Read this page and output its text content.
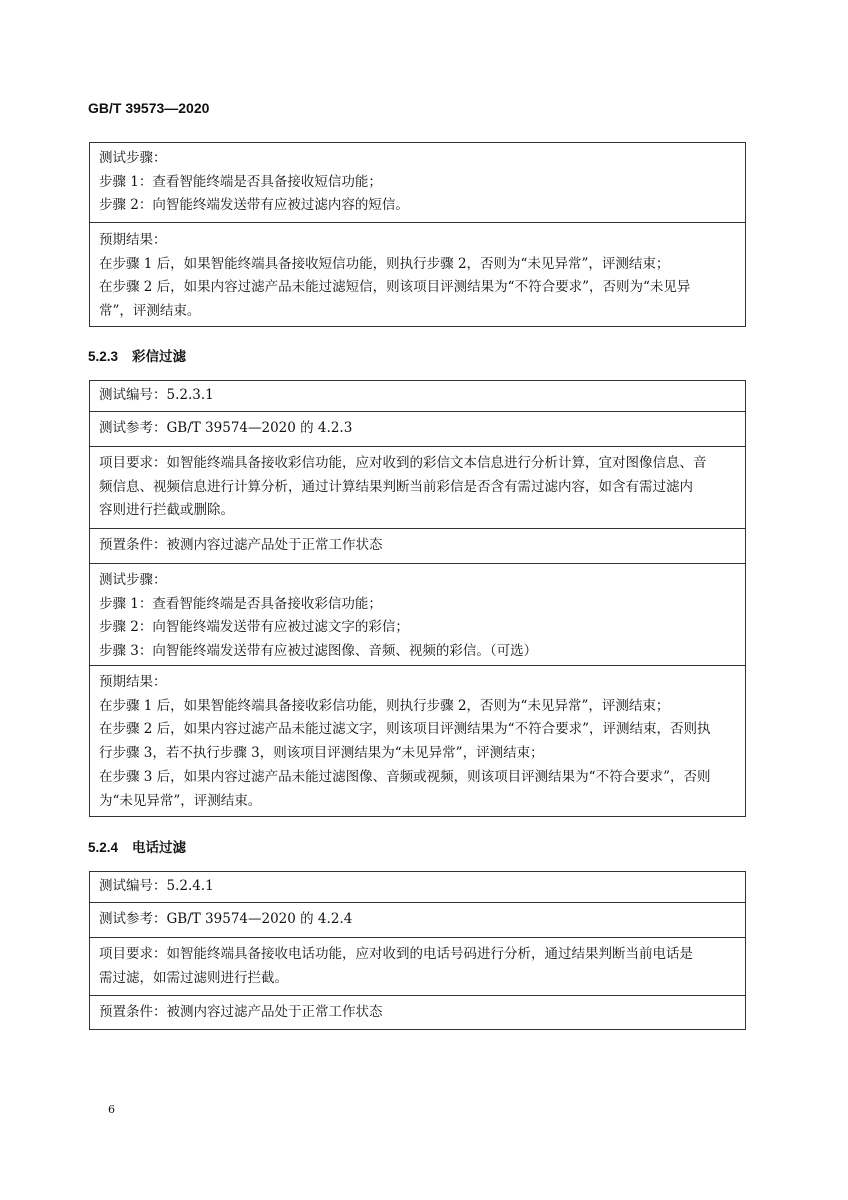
GB/T 39573—2020
测试步骤：
步骤 1：查看智能终端是否具备接收短信功能；
步骤 2：向智能终端发送带有应被过滤内容的短信。
预期结果：
在步骤 1 后，如果智能终端具备接收短信功能，则执行步骤 2，否则为“未见异常”，评测结束；
在步骤 2 后，如果内容过滤产品未能过滤短信，则该项目评测结果为“不符合要求”，否则为“未见异
常”，评测结束。
5.2.3 彩信过滤
测试编号：5.2.3.1
测试参考：GB/T 39574—2020 的 4.2.3
项目要求：如智能终端具备接收彩信功能，应对收到的彩信文本信息进行分析计算，宜对图像信息、音
频信息、视频信息进行计算分析，通过计算结果判断当前彩信是否含有需过滤内容，如含有需过滤内
容则进行拦截或删除。
预置条件：被测内容过滤产品处于正常工作状态
测试步骤：
步骤 1：查看智能终端是否具备接收彩信功能；
步骤 2：向智能终端发送带有应被过滤文字的彩信；
步骤 3：向智能终端发送带有应被过滤图像、音频、视频的彩信。（可选）
预期结果：
在步骤 1 后，如果智能终端具备接收彩信功能，则执行步骤 2，否则为“未见异常”，评测结束；
在步骤 2 后，如果内容过滤产品未能过滤文字，则该项目评测结果为“不符合要求”，评测结束，否则执
行步骤 3，若不执行步骤 3，则该项目评测结果为“未见异常”，评测结束；
在步骤 3 后，如果内容过滤产品未能过滤图像、音频或视频，则该项目评测结果为“不符合要求”，否则
为“未见异常”，评测结束。
5.2.4 电话过滤
测试编号：5.2.4.1
测试参考：GB/T 39574—2020 的 4.2.4
项目要求：如智能终端具备接收电话功能，应对收到的电话号码进行分析，通过结果判断当前电话是
需过滤，如需过滤则进行拦截。
预置条件：被测内容过滤产品处于正常工作状态
6
